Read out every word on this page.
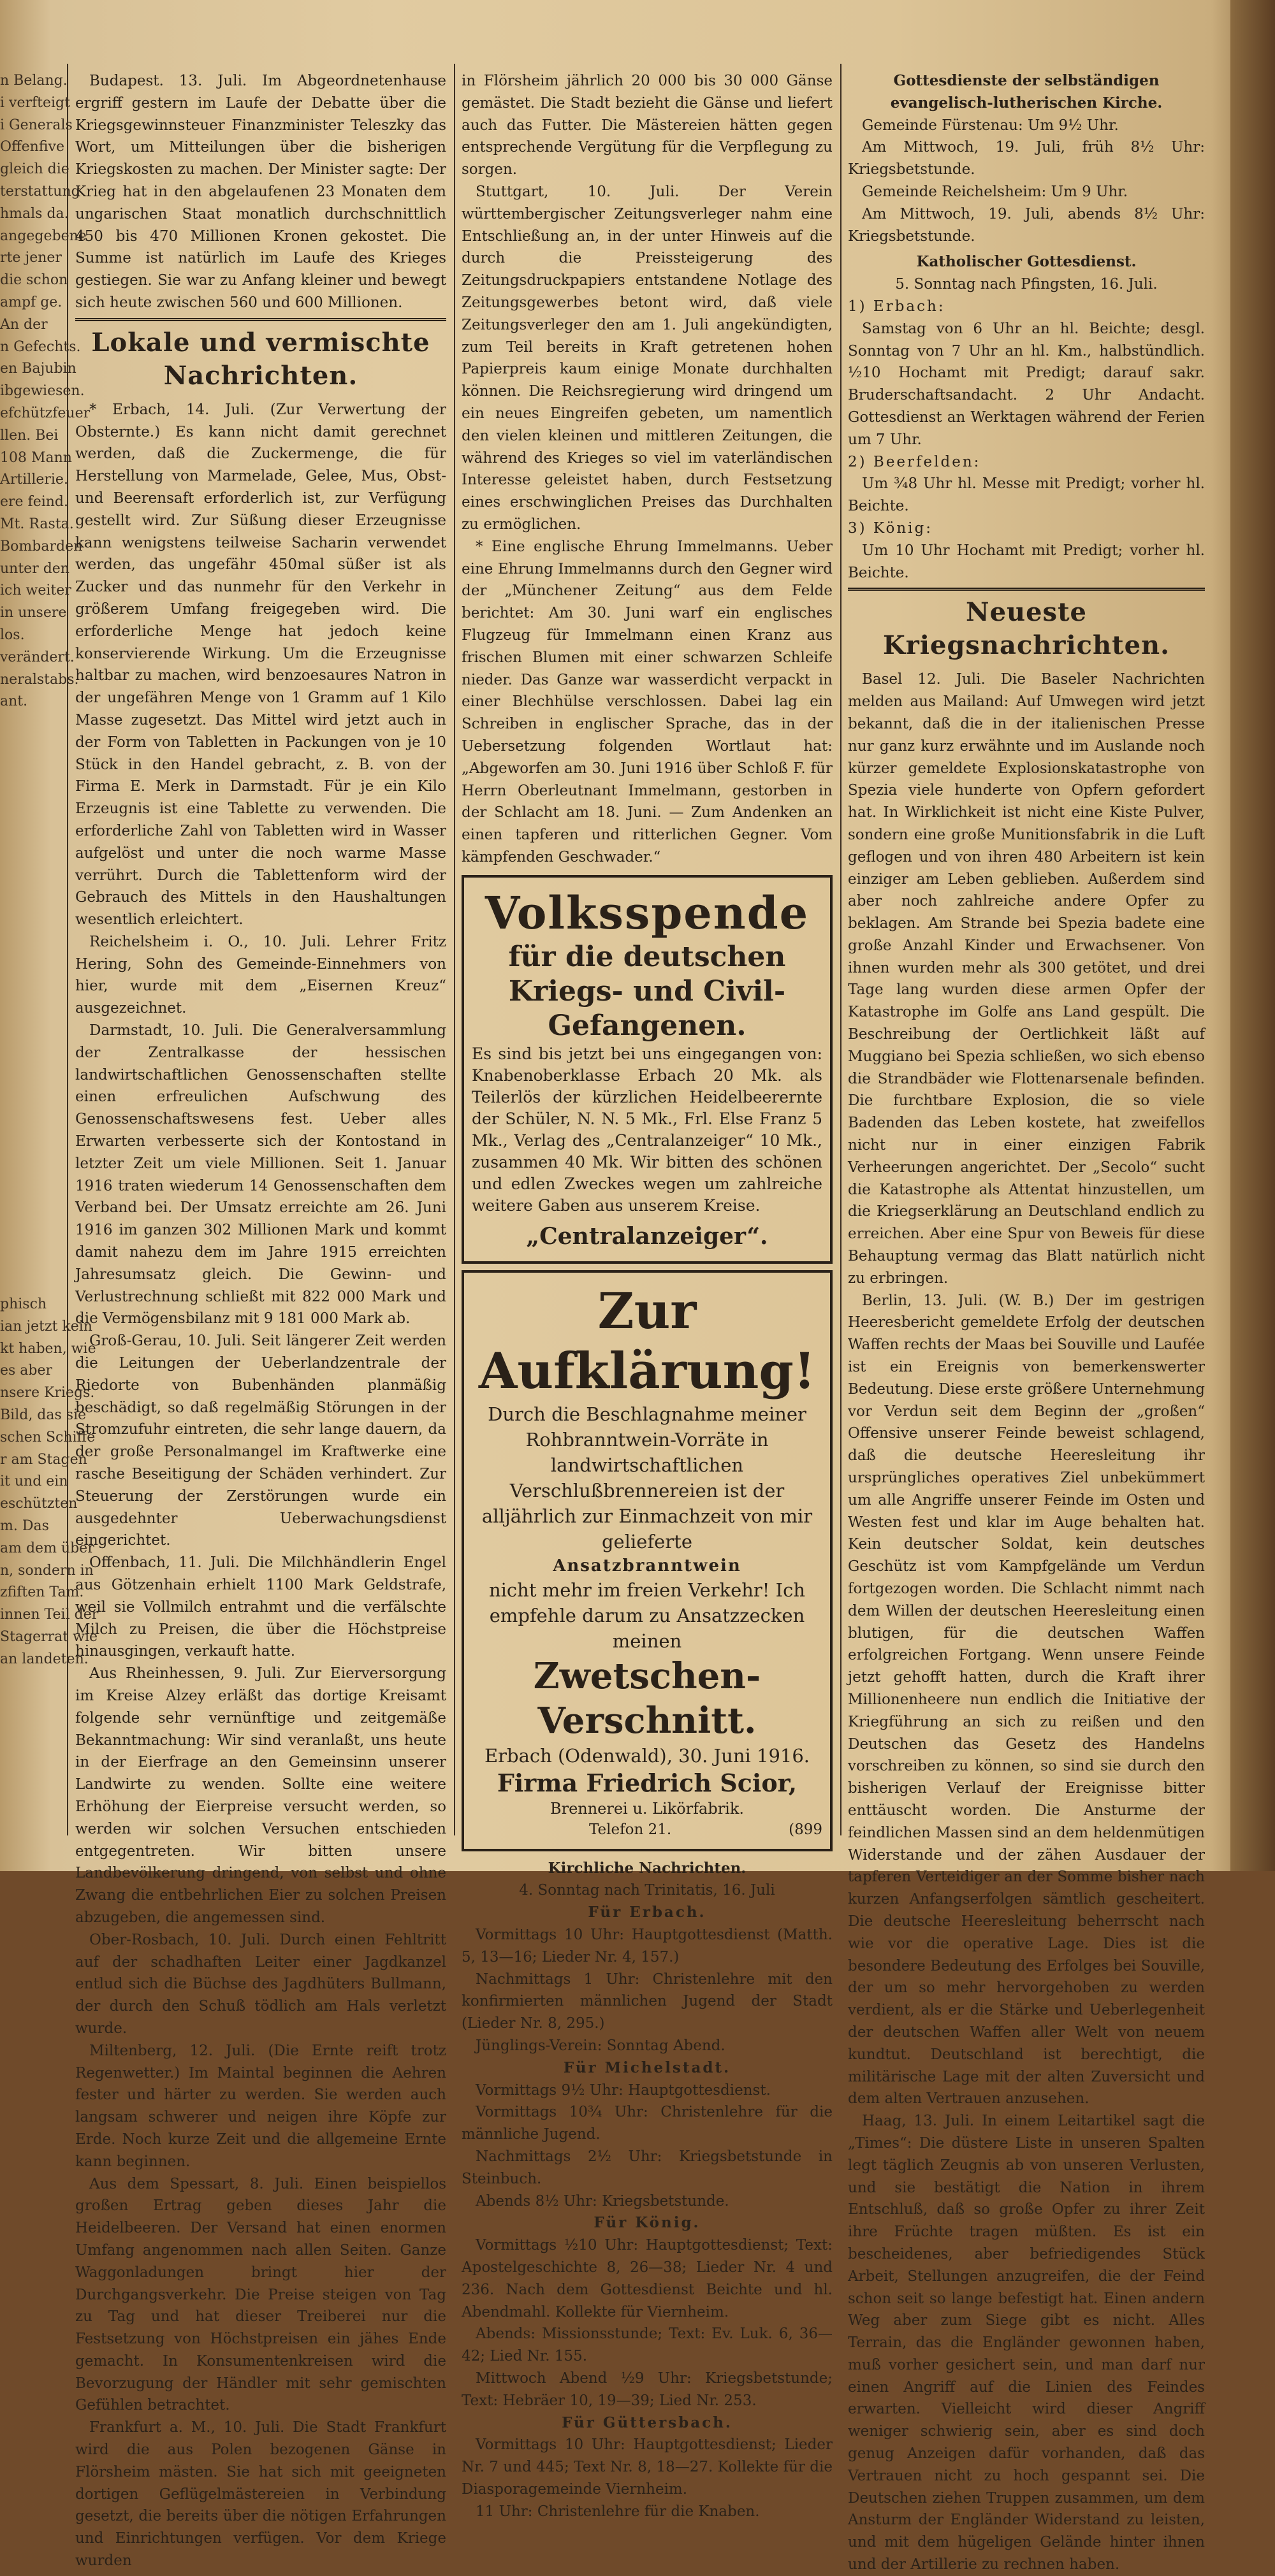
n Belang.
i verfteigt
i Generals
Offenfive
gleich die
terstattung
hmals da.
angegebene
rte jener
die schon
ampf ge.
An der
n Gefechts.
en Bajubin
ibgewiesen.
efchützfeuer
llen. Bei
108 Mann
Artillerie.
ere feind.
Mt. Rasta.
Bombarden
unter den
ich weiter
in unsere
los.
verändert.
neralstabs.
ant.
phisch
ian jetzt kein
kt haben, wie
es aber
nsere Kriegs.
Bild, das sie
schen Schiffe
r am Stagen
it und ein
eschützten
m. Das
am dem über
n, sondern in
zfiften Tam.
innen Teil der
Stagerrat wie
an landeten.

Budapest. 13. Juli. Im Abgeordnetenhause ergriff gestern im Laufe der Debatte über die Kriegsgewinnsteuer Finanzminister Teleszky das Wort, um Mitteilungen über die bisherigen Kriegskosten zu machen. Der Minister sagte: Der Krieg hat in den abgelaufenen 23 Monaten dem ungarischen Staat monatlich durchschnittlich 450 bis 470 Millionen Kronen gekostet. Die Summe ist natürlich im Laufe des Krieges gestiegen. Sie war zu Anfang kleiner und bewegt sich heute zwischen 560 und 600 Millionen.

Lokale und vermischte Nachrichten.

* Erbach, 14. Juli. (Zur Verwertung der Obsternte.) Es kann nicht damit gerechnet werden, daß die Zuckermenge, die für Herstellung von Marmelade, Gelee, Mus, Obst- und Beerensaft erforderlich ist, zur Verfügung gestellt wird. Zur Süßung dieser Erzeugnisse kann wenigstens teilweise Sacharin verwendet werden, das ungefähr 450mal süßer ist als Zucker und das nunmehr für den Verkehr in größerem Umfang freigegeben wird. Die erforderliche Menge hat jedoch keine konservierende Wirkung. Um die Erzeugnisse haltbar zu machen, wird benzoesaures Natron in der ungefähren Menge von 1 Gramm auf 1 Kilo Masse zugesetzt. Das Mittel wird jetzt auch in der Form von Tabletten in Packungen von je 10 Stück in den Handel gebracht, z. B. von der Firma E. Merk in Darmstadt. Für je ein Kilo Erzeugnis ist eine Tablette zu verwenden. Die erforderliche Zahl von Tabletten wird in Wasser aufgelöst und unter die noch warme Masse verrührt. Durch die Tablettenform wird der Gebrauch des Mittels in den Haushaltungen wesentlich erleichtert.

Reichelsheim i. O., 10. Juli. Lehrer Fritz Hering, Sohn des Gemeinde-Einnehmers von hier, wurde mit dem „Eisernen Kreuz“ ausgezeichnet.

Darmstadt, 10. Juli. Die Generalversammlung der Zentralkasse der hessischen landwirtschaftlichen Genossenschaften stellte einen erfreulichen Aufschwung des Genossenschaftswesens fest. Ueber alles Erwarten verbesserte sich der Kontostand in letzter Zeit um viele Millionen. Seit 1. Januar 1916 traten wiederum 14 Genossenschaften dem Verband bei. Der Umsatz erreichte am 26. Juni 1916 im ganzen 302 Millionen Mark und kommt damit nahezu dem im Jahre 1915 erreichten Jahresumsatz gleich. Die Gewinn- und Verlustrechnung schließt mit 822 000 Mark und die Vermögensbilanz mit 9 181 000 Mark ab.

Groß-Gerau, 10. Juli. Seit längerer Zeit werden die Leitungen der Ueberlandzentrale der Riedorte von Bubenhänden planmäßig beschädigt, so daß regelmäßig Störungen in der Stromzufuhr eintreten, die sehr lange dauern, da der große Personalmangel im Kraftwerke eine rasche Beseitigung der Schäden verhindert. Zur Steuerung der Zerstörungen wurde ein ausgedehnter Ueberwachungsdienst eingerichtet.

Offenbach, 11. Juli. Die Milchhändlerin Engel aus Götzenhain erhielt 1100 Mark Geldstrafe, weil sie Vollmilch entrahmt und die verfälschte Milch zu Preisen, die über die Höchstpreise hinausgingen, verkauft hatte.

Aus Rheinhessen, 9. Juli. Zur Eierversorgung im Kreise Alzey erläßt das dortige Kreisamt folgende sehr vernünftige und zeitgemäße Bekanntmachung: Wir sind veranlaßt, uns heute in der Eierfrage an den Gemeinsinn unserer Landwirte zu wenden. Sollte eine weitere Erhöhung der Eierpreise versucht werden, so werden wir solchen Versuchen entschieden entgegentreten. Wir bitten unsere Landbevölkerung dringend, von selbst und ohne Zwang die entbehrlichen Eier zu solchen Preisen abzugeben, die angemessen sind.

Ober-Rosbach, 10. Juli. Durch einen Fehltritt auf der schadhaften Leiter einer Jagdkanzel entlud sich die Büchse des Jagdhüters Bullmann, der durch den Schuß tödlich am Hals verletzt wurde.

Miltenberg, 12. Juli. (Die Ernte reift trotz Regenwetter.) Im Maintal beginnen die Aehren fester und härter zu werden. Sie werden auch langsam schwerer und neigen ihre Köpfe zur Erde. Noch kurze Zeit und die allgemeine Ernte kann beginnen.

Aus dem Spessart, 8. Juli. Einen beispiellos großen Ertrag geben dieses Jahr die Heidelbeeren. Der Versand hat einen enormen Umfang angenommen nach allen Seiten. Ganze Waggonladungen bringt hier der Durchgangsverkehr. Die Preise steigen von Tag zu Tag und hat dieser Treiberei nur die Festsetzung von Höchstpreisen ein jähes Ende gemacht. In Konsumentenkreisen wird die Bevorzugung der Händler mit sehr gemischten Gefühlen betrachtet.

Frankfurt a. M., 10. Juli. Die Stadt Frankfurt wird die aus Polen bezogenen Gänse in Flörsheim mästen. Sie hat sich mit geeigneten dortigen Geflügelmästereien in Verbindung gesetzt, die bereits über die nötigen Erfahrungen und Einrichtungen verfügen. Vor dem Kriege wurden

in Flörsheim jährlich 20 000 bis 30 000 Gänse gemästet. Die Stadt bezieht die Gänse und liefert auch das Futter. Die Mästereien hätten gegen entsprechende Vergütung für die Verpflegung zu sorgen.

Stuttgart, 10. Juli. Der Verein württembergischer Zeitungsverleger nahm eine Entschließung an, in der unter Hinweis auf die durch die Preissteigerung des Zeitungsdruckpapiers entstandene Notlage des Zeitungsgewerbes betont wird, daß viele Zeitungsverleger den am 1. Juli angekündigten, zum Teil bereits in Kraft getretenen hohen Papierpreis kaum einige Monate durchhalten können. Die Reichsregierung wird dringend um ein neues Eingreifen gebeten, um namentlich den vielen kleinen und mittleren Zeitungen, die während des Krieges so viel im vaterländischen Interesse geleistet haben, durch Festsetzung eines erschwinglichen Preises das Durchhalten zu ermöglichen.

* Eine englische Ehrung Immelmanns. Ueber eine Ehrung Immelmanns durch den Gegner wird der „Münchener Zeitung“ aus dem Felde berichtet: Am 30. Juni warf ein englisches Flugzeug für Immelmann einen Kranz aus frischen Blumen mit einer schwarzen Schleife nieder. Das Ganze war wasserdicht verpackt in einer Blechhülse verschlossen. Dabei lag ein Schreiben in englischer Sprache, das in der Uebersetzung folgenden Wortlaut hat: „Abgeworfen am 30. Juni 1916 über Schloß F. für Herrn Oberleutnant Immelmann, gestorben in der Schlacht am 18. Juni. — Zum Andenken an einen tapferen und ritterlichen Gegner. Vom kämpfenden Geschwader.“

Volksspende
für die deutschen Kriegs- und Civil-Gefangenen.
Es sind bis jetzt bei uns eingegangen von: Knabenoberklasse Erbach 20 Mk. als Teilerlös der kürzlichen Heidelbeerernte der Schüler, N. N. 5 Mk., Frl. Else Franz 5 Mk., Verlag des „Centralanzeiger“ 10 Mk., zusammen 40 Mk. Wir bitten des schönen und edlen Zweckes wegen um zahlreiche weitere Gaben aus unserem Kreise.
„Centralanzeiger“.
Zur Aufklärung!
Durch die Beschlagnahme meiner Rohbranntwein-Vorräte in landwirtschaftlichen Verschlußbrennereien ist der alljährlich zur Einmachzeit von mir gelieferte
Ansatzbranntwein
nicht mehr im freien Verkehr! Ich empfehle darum zu Ansatzzecken meinen
Zwetschen-Verschnitt.
Erbach (Odenwald), 30. Juni 1916.
Firma Friedrich Scior,
Brennerei u. Likörfabrik.
Telefon 21.	(899
Kirchliche Nachrichten.
4. Sonntag nach Trinitatis, 16. Juli
Für Erbach.

Vormittags 10 Uhr: Hauptgottesdienst (Matth. 5, 13—16; Lieder Nr. 4, 157.)

Nachmittags 1 Uhr: Christenlehre mit den konfirmierten männlichen Jugend der Stadt (Lieder Nr. 8, 295.)

Jünglings-Verein: Sonntag Abend.

Für Michelstadt.

Vormittags 9½ Uhr: Hauptgottesdienst.

Vormittags 10¾ Uhr: Christenlehre für die männliche Jugend.

Nachmittags 2½ Uhr: Kriegsbetstunde in Steinbuch.

Abends 8½ Uhr: Kriegsbetstunde.

Für König.

Vormittags ½10 Uhr: Hauptgottesdienst; Text: Apostelgeschichte 8, 26—38; Lieder Nr. 4 und 236. Nach dem Gottesdienst Beichte und hl. Abendmahl. Kollekte für Viernheim.

Abends: Missionsstunde; Text: Ev. Luk. 6, 36—42; Lied Nr. 155.

Mittwoch Abend ½9 Uhr: Kriegsbetstunde; Text: Hebräer 10, 19—39; Lied Nr. 253.

Für Güttersbach.

Vormittags 10 Uhr: Hauptgottesdienst; Lieder Nr. 7 und 445; Text Nr. 8, 18—27. Kollekte für die Diasporagemeinde Viernheim.

11 Uhr: Christenlehre für die Knaben.

Gottesdienste der selbständigen evangelisch-lutherischen Kirche.

Gemeinde Fürstenau: Um 9½ Uhr.

Am Mittwoch, 19. Juli, früh 8½ Uhr: Kriegsbetstunde.

Gemeinde Reichelsheim: Um 9 Uhr.

Am Mittwoch, 19. Juli, abends 8½ Uhr: Kriegsbetstunde.

Katholischer Gottesdienst.
5. Sonntag nach Pfingsten, 16. Juli.

1) Erbach:

Samstag von 6 Uhr an hl. Beichte; desgl. Sonntag von 7 Uhr an hl. Km., halbstündlich. ½10 Hochamt mit Predigt; darauf sakr. Bruderschaftsandacht. 2 Uhr Andacht. Gottesdienst an Werktagen während der Ferien um 7 Uhr.

2) Beerfelden:

Um ¾8 Uhr hl. Messe mit Predigt; vorher hl. Beichte.

3) König:

Um 10 Uhr Hochamt mit Predigt; vorher hl. Beichte.

Neueste Kriegsnachrichten.

Basel 12. Juli. Die Baseler Nachrichten melden aus Mailand: Auf Umwegen wird jetzt bekannt, daß die in der italienischen Presse nur ganz kurz erwähnte und im Auslande noch kürzer gemeldete Explosionskatastrophe von Spezia viele hunderte von Opfern gefordert hat. In Wirklichkeit ist nicht eine Kiste Pulver, sondern eine große Munitionsfabrik in die Luft geflogen und von ihren 480 Arbeitern ist kein einziger am Leben geblieben. Außerdem sind aber noch zahlreiche andere Opfer zu beklagen. Am Strande bei Spezia badete eine große Anzahl Kinder und Erwachsener. Von ihnen wurden mehr als 300 getötet, und drei Tage lang wurden diese armen Opfer der Katastrophe im Golfe ans Land gespült. Die Beschreibung der Oertlichkeit läßt auf Muggiano bei Spezia schließen, wo sich ebenso die Strandbäder wie Flottenarsenale befinden. Die furchtbare Explosion, die so viele Badenden das Leben kostete, hat zweifellos nicht nur in einer einzigen Fabrik Verheerungen angerichtet. Der „Secolo“ sucht die Katastrophe als Attentat hinzustellen, um die Kriegserklärung an Deutschland endlich zu erreichen. Aber eine Spur von Beweis für diese Behauptung vermag das Blatt natürlich nicht zu erbringen.

Berlin, 13. Juli. (W. B.) Der im gestrigen Heeresbericht gemeldete Erfolg der deutschen Waffen rechts der Maas bei Souville und Laufée ist ein Ereignis von bemerkenswerter Bedeutung. Diese erste größere Unternehmung vor Verdun seit dem Beginn der „großen“ Offensive unserer Feinde beweist schlagend, daß die deutsche Heeresleitung ihr ursprüngliches operatives Ziel unbekümmert um alle Angriffe unserer Feinde im Osten und Westen fest und klar im Auge behalten hat. Kein deutscher Soldat, kein deutsches Geschütz ist vom Kampfgelände um Verdun fortgezogen worden. Die Schlacht nimmt nach dem Willen der deutschen Heeresleitung einen blutigen, für die deutschen Waffen erfolgreichen Fortgang. Wenn unsere Feinde jetzt gehofft hatten, durch die Kraft ihrer Millionenheere nun endlich die Initiative der Kriegführung an sich zu reißen und den Deutschen das Gesetz des Handelns vorschreiben zu können, so sind sie durch den bisherigen Verlauf der Ereignisse bitter enttäuscht worden. Die Ansturme der feindlichen Massen sind an dem heldenmütigen Widerstande und der zähen Ausdauer der tapferen Verteidiger an der Somme bisher nach kurzen Anfangserfolgen sämtlich gescheitert. Die deutsche Heeresleitung beherrscht nach wie vor die operative Lage. Dies ist die besondere Bedeutung des Erfolges bei Souville, der um so mehr hervorgehoben zu werden verdient, als er die Stärke und Ueberlegenheit der deutschen Waffen aller Welt von neuem kundtut. Deutschland ist berechtigt, die militärische Lage mit der alten Zuversicht und dem alten Vertrauen anzusehen.

Haag, 13. Juli. In einem Leitartikel sagt die „Times“: Die düstere Liste in unseren Spalten legt täglich Zeugnis ab von unseren Verlusten, und sie bestätigt die Nation in ihrem Entschluß, daß so große Opfer zu ihrer Zeit ihre Früchte tragen müßten. Es ist ein bescheidenes, aber befriedigendes Stück Arbeit, Stellungen anzugreifen, die der Feind schon seit so lange befestigt hat. Einen andern Weg aber zum Siege gibt es nicht. Alles Terrain, das die Engländer gewonnen haben, muß vorher gesichert sein, und man darf nur einen Angriff auf die Linien des Feindes erwarten. Vielleicht wird dieser Angriff weniger schwierig sein, aber es sind doch genug Anzeigen dafür vorhanden, daß das Vertrauen nicht zu hoch gespannt sei. Die Deutschen ziehen Truppen zusammen, um dem Ansturm der Engländer Widerstand zu leisten, und mit dem hügeligen Gelände hinter ihnen und der Artillerie zu rechnen haben.
